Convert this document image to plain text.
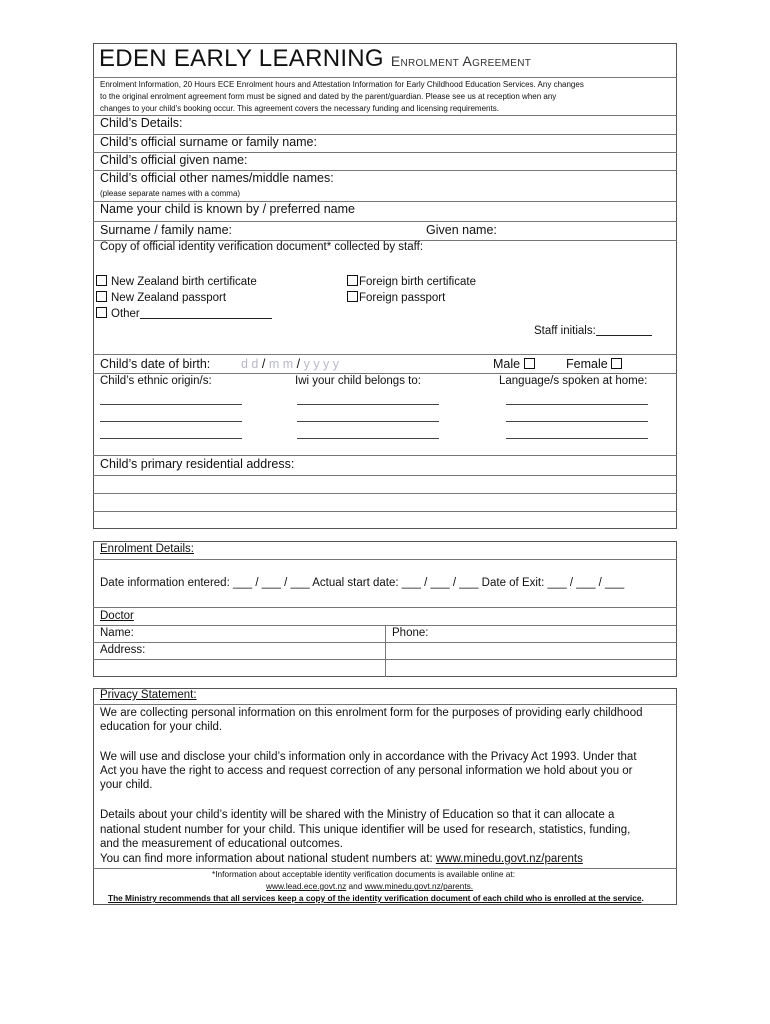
EDEN EARLY LEARNING Enrolment Agreement
Enrolment Information, 20 Hours ECE Enrolment hours and Attestation Information for Early Childhood Education Services. Any changes
to the original enrolment agreement form must be signed and dated by the parent/guardian. Please see us at reception when any
changes to your child's booking occur. This agreement covers the necessary funding and licensing requirements.
Child’s Details:
Child’s official surname or family name:
Child’s official given name:
Child’s official other names/middle names:
(please separate names with a comma)
Name your child is known by / preferred name
Surname / family name:	Given name:
Copy of official identity verification document* collected by staff:
New Zealand birth certificate	Foreign birth certificate
New Zealand passport	Foreign passport
Other
Staff initials:
Child’s date of birth: d d / m m / y y y y	Male	Female
Child’s ethnic origin/s:	Iwi your child belongs to:	Language/s spoken at home:
Child’s primary residential address:
Enrolment Details:
Date information entered: ___ / ___ / ___ Actual start date: ___ / ___ / ___ Date of Exit: ___ / ___ / ___
Doctor
Name:	Phone:
Address:
Privacy Statement:
We are collecting personal information on this enrolment form for the purposes of providing early childhood
education for your child.
We will use and disclose your child’s information only in accordance with the Privacy Act 1993. Under that
Act you have the right to access and request correction of any personal information we hold about you or
your child.
Details about your child’s identity will be shared with the Ministry of Education so that it can allocate a
national student number for your child. This unique identifier will be used for research, statistics, funding,
and the measurement of educational outcomes.
You can find more information about national student numbers at: www.minedu.govt.nz/parents
*Information about acceptable identity verification documents is available online at:
www.lead.ece.govt.nz and www.minedu.govt.nz/parents.
The Ministry recommends that all services keep a copy of the identity verification document of each child who is enrolled at the service.
